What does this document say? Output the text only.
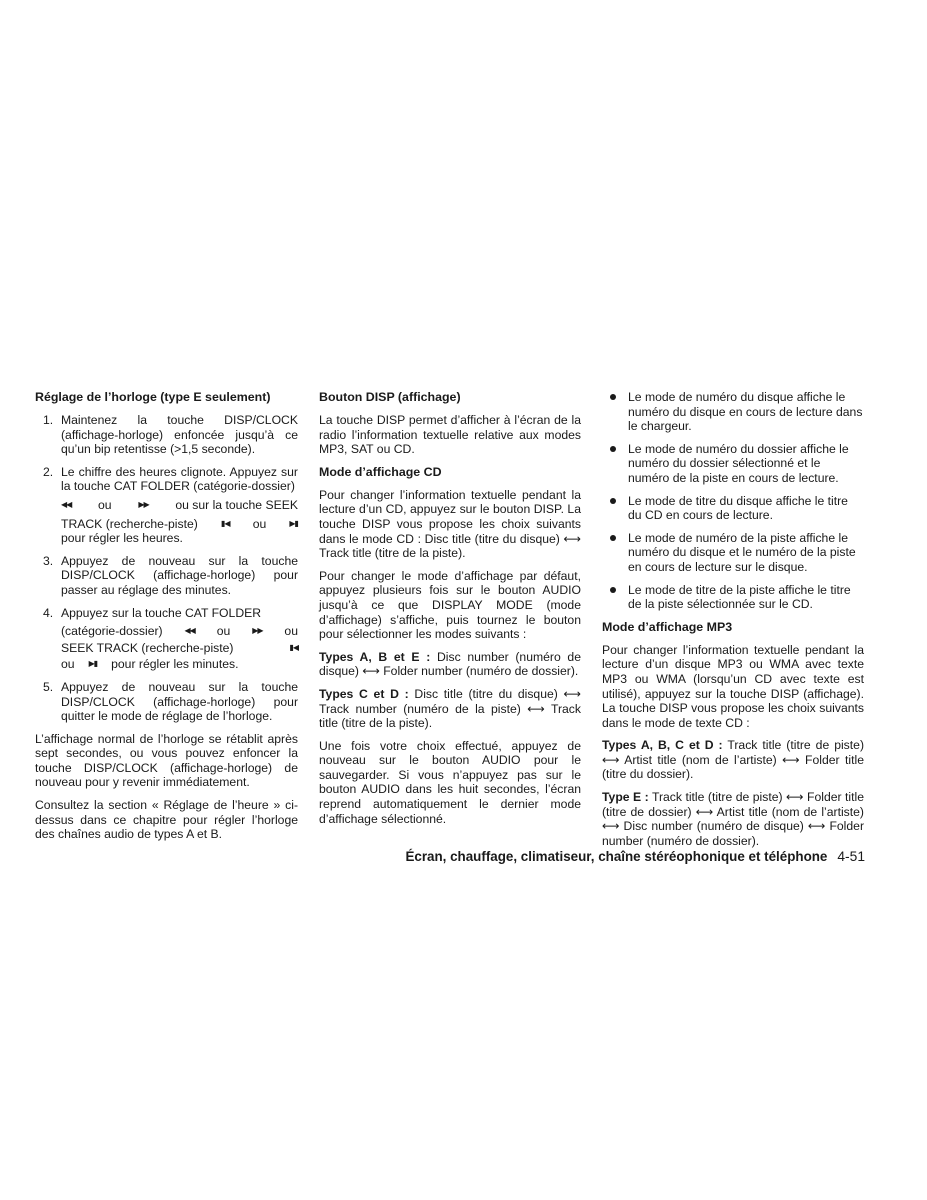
Réglage de l’horloge (type E seulement)
1. Maintenez la touche DISP/CLOCK (affichage-horloge) enfoncée jusqu’à ce qu’un bip retentisse (>1,5 seconde).
2. Le chiffre des heures clignote. Appuyez sur la touche CAT FOLDER (catégorie-dossier)
◀◀ ou	▶▶ ou sur la touche SEEK
TRACK (recherche-piste)	▮◀ ou	▶▮
pour régler les heures.
3. Appuyez de nouveau sur la touche DISP/CLOCK (affichage-horloge) pour passer au réglage des minutes.
4. Appuyez sur la touche CAT FOLDER
(catégorie-dossier)	◀◀ ou	▶▶ ou
SEEK TRACK (recherche-piste)	▮◀
ou ▶▮ pour régler les minutes.
5. Appuyez de nouveau sur la touche DISP/CLOCK (affichage-horloge) pour quitter le mode de réglage de l’horloge.

L’affichage normal de l’horloge se rétablit après sept secondes, ou vous pouvez enfoncer la touche DISP/CLOCK (affichage-horloge) de nouveau pour y revenir immédiatement.

Consultez la section « Réglage de l’heure » ci-dessus dans ce chapitre pour régler l’horloge des chaînes audio de types A et B.

Bouton DISP (affichage)

La touche DISP permet d’afficher à l’écran de la radio l’information textuelle relative aux modes MP3, SAT ou CD.

Mode d’affichage CD

Pour changer l’information textuelle pendant la lecture d’un CD, appuyez sur le bouton DISP. La touche DISP vous propose les choix suivants dans le mode CD : Disc title (titre du disque) ⟷ Track title (titre de la piste).

Pour changer le mode d’affichage par défaut, appuyez plusieurs fois sur le bouton AUDIO jusqu’à ce que DISPLAY MODE (mode d’affichage) s’affiche, puis tournez le bouton pour sélectionner les modes suivants :

Types A, B et E : Disc number (numéro de disque) ⟷ Folder number (numéro de dossier).

Types C et D : Disc title (titre du disque) ⟷ Track number (numéro de la piste) ⟷ Track title (titre de la piste).

Une fois votre choix effectué, appuyez de nouveau sur le bouton AUDIO pour le sauvegarder. Si vous n’appuyez pas sur le bouton AUDIO dans les huit secondes, l’écran reprend automatiquement le dernier mode d’affichage sélectionné.

Le mode de numéro du disque affiche le numéro du disque en cours de lecture dans le chargeur.
Le mode de numéro du dossier affiche le numéro du dossier sélectionné et le numéro de la piste en cours de lecture.
Le mode de titre du disque affiche le titre du CD en cours de lecture.
Le mode de numéro de la piste affiche le numéro du disque et le numéro de la piste en cours de lecture sur le disque.
Le mode de titre de la piste affiche le titre de la piste sélectionnée sur le CD.
Mode d’affichage MP3

Pour changer l’information textuelle pendant la lecture d’un disque MP3 ou WMA avec texte MP3 ou WMA (lorsqu’un CD avec texte est utilisé), appuyez sur la touche DISP (affichage). La touche DISP vous propose les choix suivants dans le mode de texte CD :

Types A, B, C et D : Track title (titre de piste) ⟷ Artist title (nom de l’artiste) ⟷ Folder title (titre du dossier).

Type E : Track title (titre de piste) ⟷ Folder title (titre de dossier) ⟷ Artist title (nom de l’artiste) ⟷ Disc number (numéro de disque) ⟷ Folder number (numéro de dossier).

Écran, chauffage, climatiseur, chaîne stéréophonique et téléphone 4-51
